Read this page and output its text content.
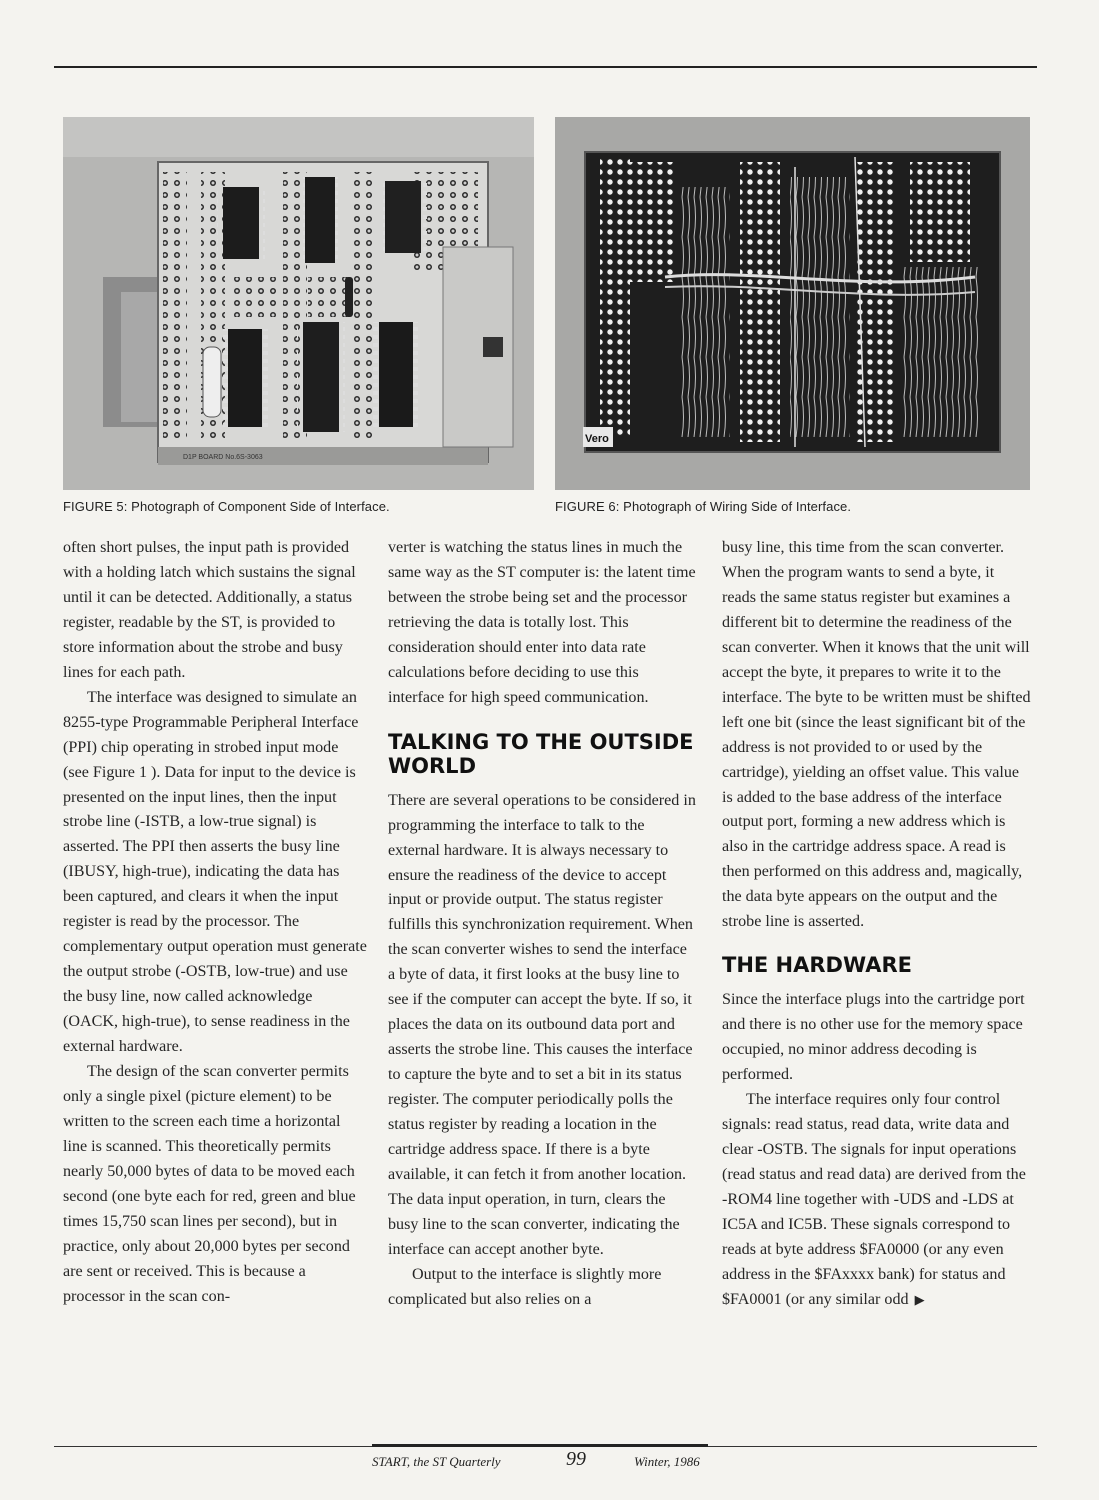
D1P BOARD No.6S-3063
Vero
FIGURE 5: Photograph of Component Side of Interface.	FIGURE 6: Photograph of Wiring Side of Interface.

often short pulses, the input path is provided with a holding latch which sustains the signal until it can be detected. Additionally, a status register, readable by the ST, is provided to store information about the strobe and busy lines for each path.

The interface was designed to simulate an 8255-type Programmable Peripheral Interface (PPI) chip operating in strobed input mode (see Figure 1 ). Data for input to the device is presented on the input lines, then the input strobe line (-ISTB, a low-true signal) is asserted. The PPI then asserts the busy line (IBUSY, high-true), indicating the data has been captured, and clears it when the input register is read by the processor. The complementary output operation must generate the output strobe (-OSTB, low-true) and use the busy line, now called acknowledge (OACK, high-true), to sense readiness in the external hardware.

The design of the scan converter permits only a single pixel (picture element) to be written to the screen each time a horizontal line is scanned. This theoretically permits nearly 50,000 bytes of data to be moved each second (one byte each for red, green and blue times 15,750 scan lines per second), but in practice, only about 20,000 bytes per second are sent or received. This is because a processor in the scan con-

verter is watching the status lines in much the same way as the ST computer is: the latent time between the strobe being set and the processor retrieving the data is totally lost. This consideration should enter into data rate calculations before deciding to use this interface for high speed communication.

TALKING TO THE OUTSIDE WORLD

There are several operations to be considered in programming the interface to talk to the external hardware. It is always necessary to ensure the readiness of the device to accept input or provide output. The status register fulfills this synchronization requirement. When the scan converter wishes to send the interface a byte of data, it first looks at the busy line to see if the computer can accept the byte. If so, it places the data on its outbound data port and asserts the strobe line. This causes the interface to capture the byte and to set a bit in its status register. The computer periodically polls the status register by reading a location in the cartridge address space. If there is a byte available, it can fetch it from another location. The data input operation, in turn, clears the busy line to the scan converter, indicating the interface can accept another byte.

Output to the interface is slightly more complicated but also relies on a

busy line, this time from the scan converter. When the program wants to send a byte, it reads the same status register but examines a different bit to determine the readiness of the scan converter. When it knows that the unit will accept the byte, it prepares to write it to the interface. The byte to be written must be shifted left one bit (since the least significant bit of the address is not provided to or used by the cartridge), yielding an offset value. This value is added to the base address of the interface output port, forming a new address which is also in the cartridge address space. A read is then performed on this address and, magically, the data byte appears on the output and the strobe line is asserted.

THE HARDWARE

Since the interface plugs into the cartridge port and there is no other use for the memory space occupied, no minor address decoding is performed.

The interface requires only four control signals: read status, read data, write data and clear -OSTB. The signals for input operations (read status and read data) are derived from the -ROM4 line together with -UDS and -LDS at IC5A and IC5B. These signals correspond to reads at byte address $FA0000 (or any even address in the $FAxxxx bank) for status and $FA0001 (or any similar odd ▶

START, the ST Quarterly	99	Winter, 1986
